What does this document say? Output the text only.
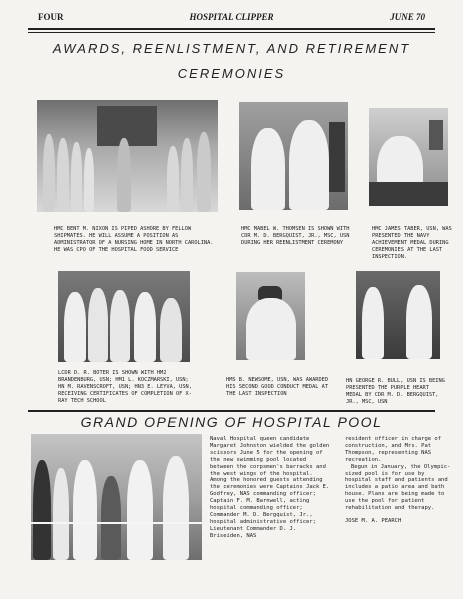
FOUR	HOSPITAL CLIPPER	JUNE 70
AWARDS, REENLISTMENT, AND RETIREMENT
CEREMONIES
HMC BENT M. NIXON IS PIPED ASHORE BY FELLOW SHIPMATES. HE WILL ASSUME A POSITION AS ADMINISTRATOR OF A NURSING HOME IN NORTH CAROLINA. HE WAS CPO OF THE HOSPITAL FOOD SERVICE
HMC MABEL W. THOMSEN IS SHOWN WITH CDR M. D. BERGQUIST, JR., MSC, USN DURING HER REENLISTMENT CEREMONY
HMC JAMES TABER, USN, WAS PRESENTED THE NAVY ACHIEVEMENT MEDAL DURING CEREMONIES AT THE LAST INSPECTION.
LCDR D. R. BOTER IS SHOWN WITH HM2 BRANDENBURG, USN; HM1 L. KOCZMARSKI, USN; HN M. RAVENSCROFT, USN; HN3 E. LEYVA, USN, RECEIVING CERTIFICATES OF COMPLETION OF X-RAY TECH SCHOOL
HMS B. NEWSOME, USN, WAS AWARDED HIS SECOND GOOD CONDUCT MEDAL AT THE LAST INSPECTION
HN GEORGE R. BULL, USN IS BEING PRESENTED THE PURPLE HEART MEDAL BY CDR M. D. BERGQUIST, JR., MSC, USN
GRAND OPENING OF HOSPITAL POOL

Naval Hospital queen candidate Margaret Johnston wielded the golden scissors June 5 for the opening of the new swimming pool located between the corpsmen's barracks and the west wings of the hospital. Among the honored guests attending the ceremonies were Captains Jack E. Godfrey, NAS commanding officer; Captain F. M. Barnwell, acting hospital commanding officer; Commander M. D. Bergquist, Jr., hospital administrative officer; Lieutenant Commander D. J. Briseiden, NAS

resident officer in charge of construction, and Mrs. Pat Thompson, representing NAS recreation.

Begun in January, the Olympic-sized pool is for use by hospital staff and patients and includes a patio area and bath house. Plans are being made to use the pool for patient rehabilitation and therapy.

JOSE M. A. PEARCH
